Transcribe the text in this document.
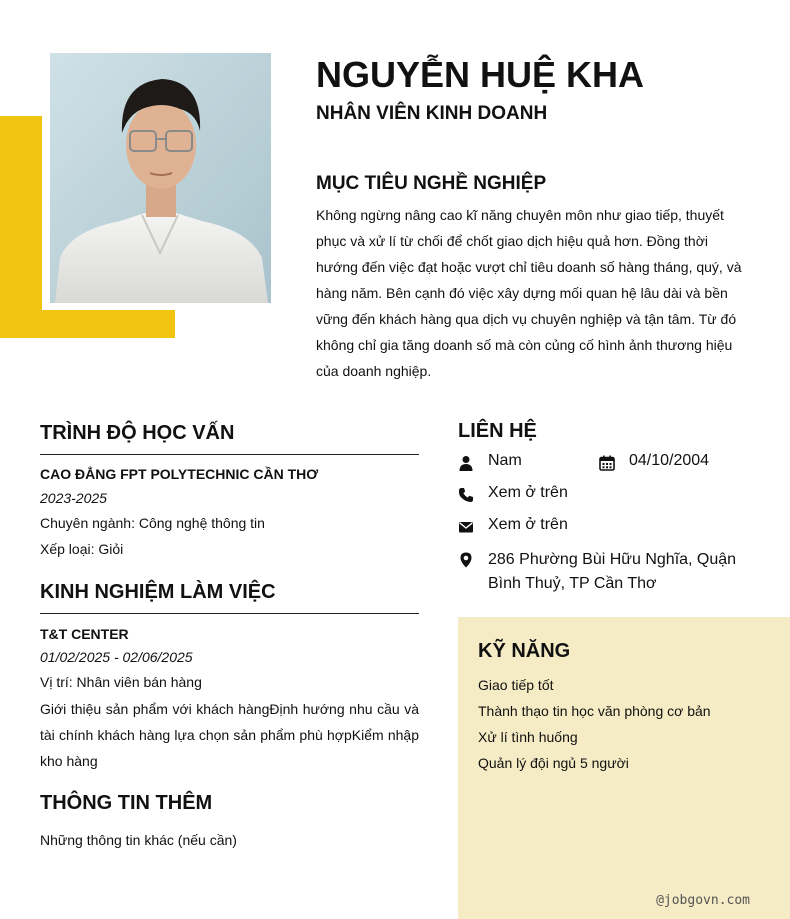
NGUYỄN HUỆ KHA
NHÂN VIÊN KINH DOANH
MỤC TIÊU NGHỀ NGHIỆP
Không ngừng nâng cao kĩ năng chuyên môn như giao tiếp, thuyết phục và xử lí từ chối để chốt giao dịch hiệu quả hơn. Đồng thời hướng đến việc đạt hoặc vượt chỉ tiêu doanh số hàng tháng, quý, và hàng năm. Bên cạnh đó việc xây dựng mối quan hệ lâu dài và bền vững đến khách hàng qua dịch vụ chuyên nghiệp và tận tâm. Từ đó không chỉ gia tăng doanh số mà còn củng cố hình ảnh thương hiệu của doanh nghiệp.
TRÌNH ĐỘ HỌC VẤN
CAO ĐẲNG FPT POLYTECHNIC CẦN THƠ
2023-2025
Chuyên ngành: Công nghệ thông tin
Xếp loại: Giỏi
KINH NGHIỆM LÀM VIỆC
T&T CENTER
01/02/2025 - 02/06/2025
Vị trí: Nhân viên bán hàng
Giới thiệu sản phẩm với khách hàngĐịnh hướng nhu cầu và tài chính khách hàng lựa chọn sản phẩm phù hợpKiểm nhập kho hàng
THÔNG TIN THÊM
Những thông tin khác (nếu cần)
LIÊN HỆ
Nam	04/10/2004
Xem ở trên
Xem ở trên
286 Phường Bùi Hữu Nghĩa, Quận Bình Thuỷ, TP Cần Thơ
KỸ NĂNG
Giao tiếp tốt
Thành thạo tin học văn phòng cơ bản
Xử lí tình huống
Quản lý đội ngủ 5 người
@jobgovn.com
